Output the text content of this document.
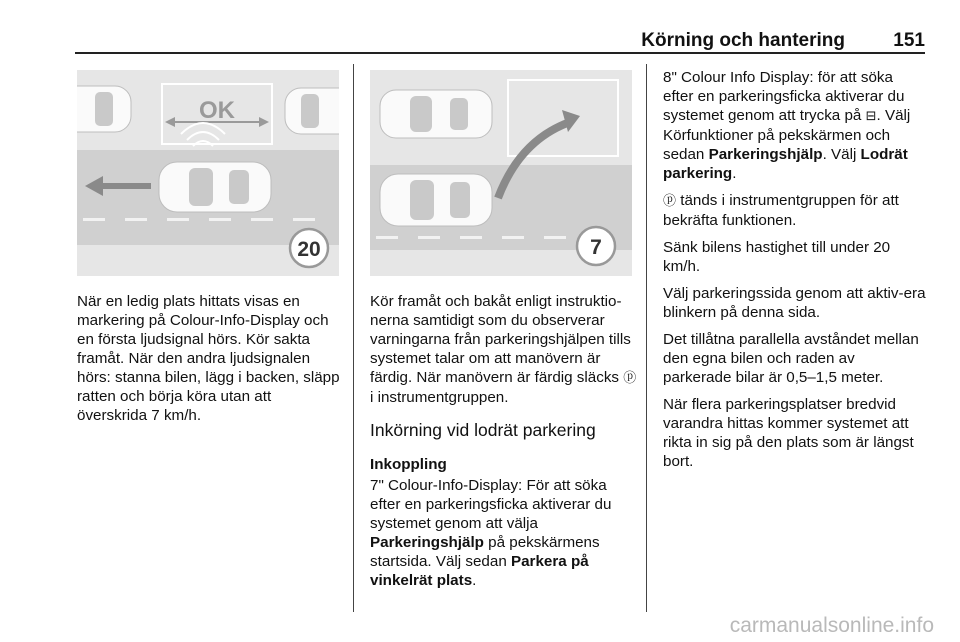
Körning och hantering	151
OK
20	7

När en ledig plats hittats visas en markering på Colour-Info-Display och en första ljudsignal hörs. Kör sakta framåt. När den andra ljudsignalen hörs: stanna bilen, lägg i backen, släpp ratten och börja köra utan att överskrida 7 km/h.

Kör framåt och bakåt enligt instruktio-nerna samtidigt som du observerar varningarna från parkeringshjälpen tills systemet talar om att manövern är färdig. När manövern är färdig släcks ⓟ i instrumentgruppen.

Inkörning vid lodrät parkering
Inkoppling

7" Colour-Info-Display: För att söka efter en parkeringsficka aktiverar du systemet genom att välja Parkeringshjälp på pekskärmens startsida. Välj sedan Parkera på vinkelrät plats.

8" Colour Info Display: för att söka efter en parkeringsficka aktiverar du systemet genom att trycka på ⊟. Välj Körfunktioner på pekskärmen och sedan Parkeringshjälp. Välj Lodrät parkering.

ⓟ tänds i instrumentgruppen för att bekräfta funktionen.

Sänk bilens hastighet till under 20 km/h.

Välj parkeringssida genom att aktiv-era blinkern på denna sida.

Det tillåtna parallella avståndet mellan den egna bilen och raden av parkerade bilar är 0,5–1,5 meter.

När flera parkeringsplatser bredvid varandra hittas kommer systemet att rikta in sig på den plats som är längst bort.

carmanualsonline.info
